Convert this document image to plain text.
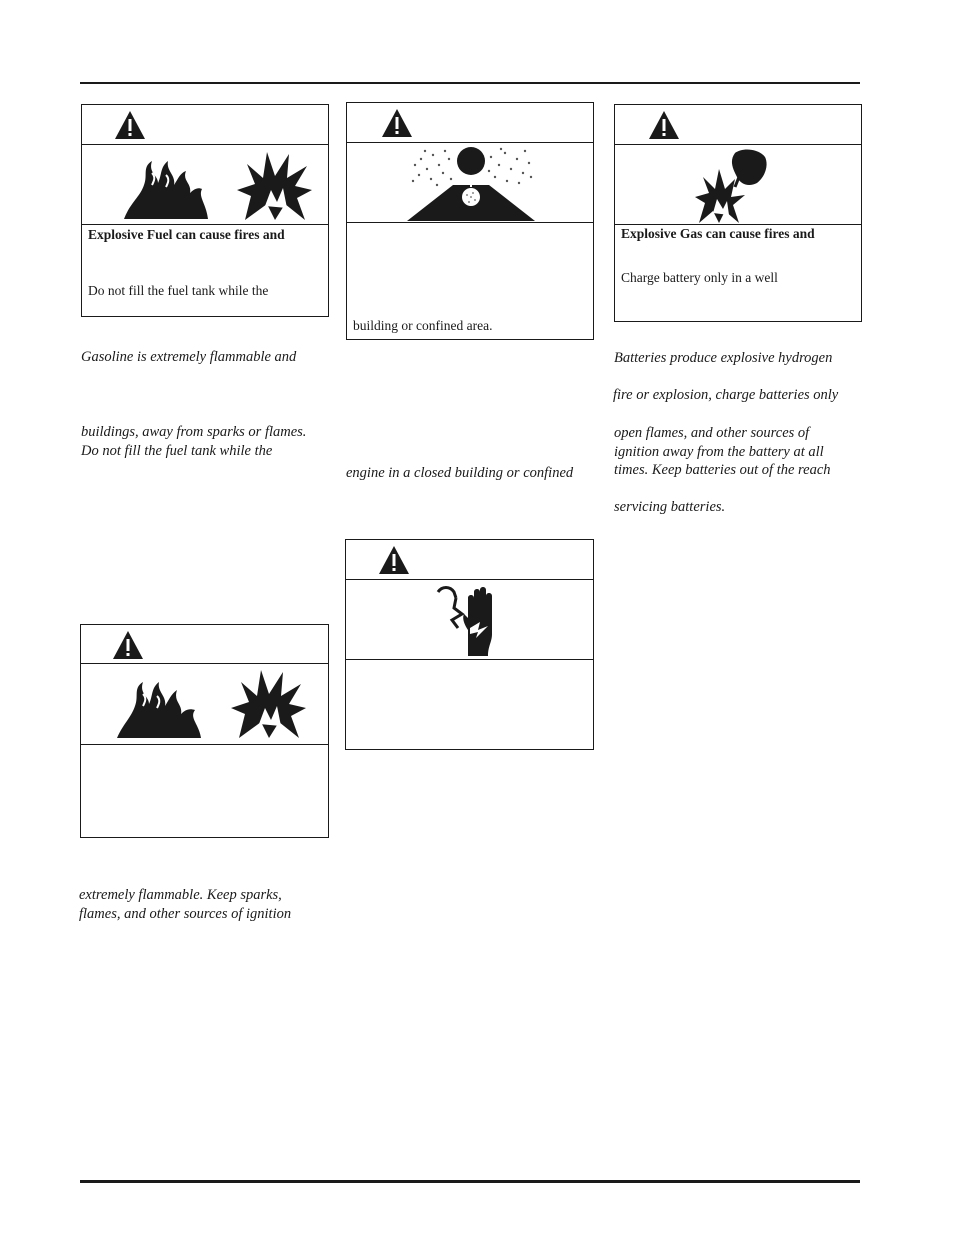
Explosive Fuel can cause fires and
Do not fill the fuel tank while the
building or confined area.
Explosive Gas can cause fires and
Charge battery only in a well
Gasoline is extremely flammable and
buildings, away from sparks or flames.
Do not fill the fuel tank while the
extremely flammable. Keep sparks,
flames, and other sources of ignition
engine in a closed building or confined
Batteries produce explosive hydrogen
fire or explosion, charge batteries only
open flames, and other sources of
ignition away from the battery at all
times. Keep batteries out of the reach
servicing batteries.
